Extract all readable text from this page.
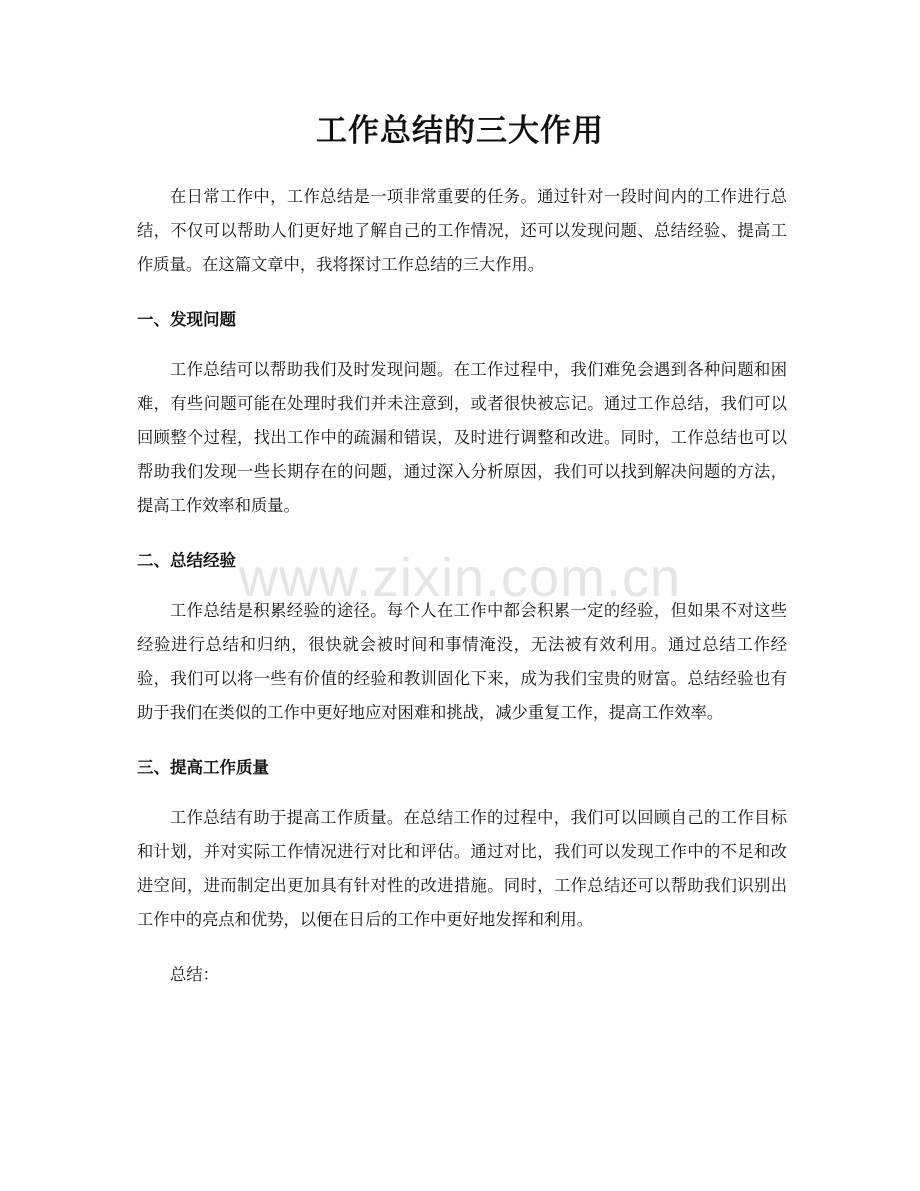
工作总结的三大作用

在日常工作中，工作总结是一项非常重要的任务。通过针对一段时间内的工作进行总结，不仅可以帮助人们更好地了解自己的工作情况，还可以发现问题、总结经验、提高工作质量。在这篇文章中，我将探讨工作总结的三大作用。

一、发现问题

工作总结可以帮助我们及时发现问题。在工作过程中，我们难免会遇到各种问题和困难，有些问题可能在处理时我们并未注意到，或者很快被忘记。通过工作总结，我们可以回顾整个过程，找出工作中的疏漏和错误，及时进行调整和改进。同时，工作总结也可以帮助我们发现一些长期存在的问题，通过深入分析原因，我们可以找到解决问题的方法，提高工作效率和质量。

二、总结经验

工作总结是积累经验的途径。每个人在工作中都会积累一定的经验，但如果不对这些经验进行总结和归纳，很快就会被时间和事情淹没，无法被有效利用。通过总结工作经验，我们可以将一些有价值的经验和教训固化下来，成为我们宝贵的财富。总结经验也有助于我们在类似的工作中更好地应对困难和挑战，减少重复工作，提高工作效率。

三、提高工作质量

工作总结有助于提高工作质量。在总结工作的过程中，我们可以回顾自己的工作目标和计划，并对实际工作情况进行对比和评估。通过对比，我们可以发现工作中的不足和改进空间，进而制定出更加具有针对性的改进措施。同时，工作总结还可以帮助我们识别出工作中的亮点和优势，以便在日后的工作中更好地发挥和利用。

总结：

www.zixin.com.cn
